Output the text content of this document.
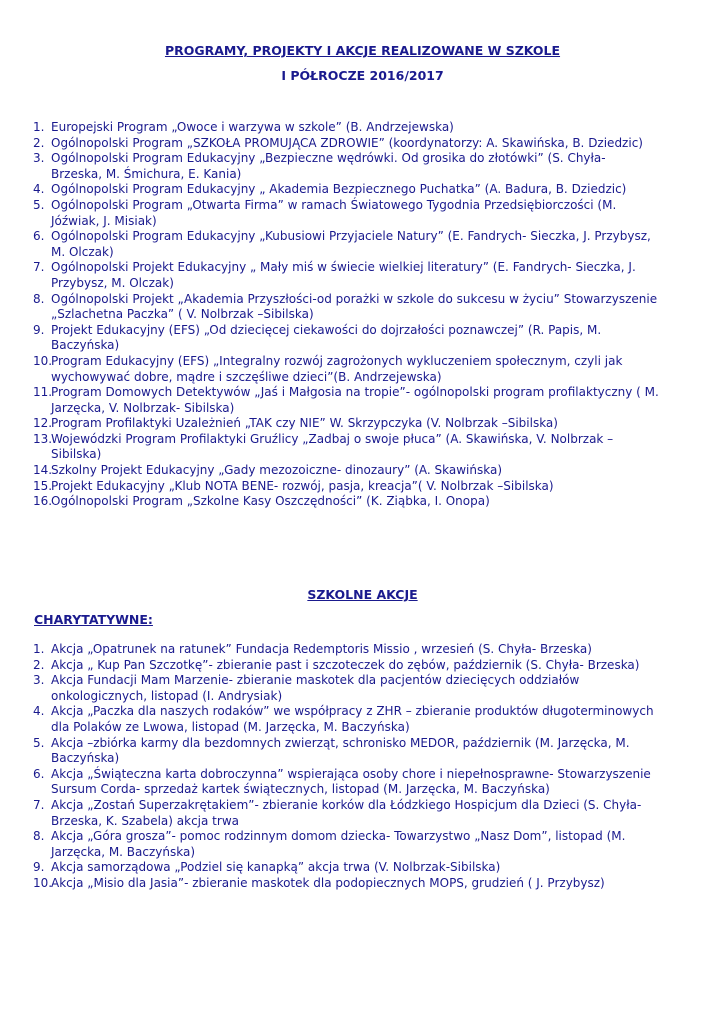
PROGRAMY, PROJEKTY I AKCJE REALIZOWANE W SZKOLE
I PÓŁROCZE 2016/2017
1. Europejski Program „Owoce i warzywa w szkole” (B. Andrzejewska)
2. Ogólnopolski Program „SZKOŁA PROMUJĄCA ZDROWIE” (koordynatorzy: A. Skawińska, B. Dziedzic)
3. Ogólnopolski Program Edukacyjny „Bezpieczne wędrówki. Od grosika do złotówki” (S. Chyła- Brzeska, M. Śmichura, E. Kania)
4. Ogólnopolski Program Edukacyjny „ Akademia Bezpiecznego Puchatka” (A. Badura, B. Dziedzic)
5. Ogólnopolski Program „Otwarta Firma” w ramach Światowego Tygodnia Przedsiębiorczości (M. Jóźwiak, J. Misiak)
6. Ogólnopolski Program Edukacyjny „Kubusiowi Przyjaciele Natury” (E. Fandrych- Sieczka, J. Przybysz, M. Olczak)
7. Ogólnopolski Projekt Edukacyjny „ Mały miś w świecie wielkiej literatury” (E. Fandrych- Sieczka, J. Przybysz, M. Olczak)
8. Ogólnopolski Projekt „Akademia Przyszłości-od porażki w szkole do sukcesu w życiu” Stowarzyszenie „Szlachetna Paczka” ( V. Nolbrzak –Sibilska)
9. Projekt Edukacyjny (EFS) „Od dziecięcej ciekawości do dojrzałości poznawczej” (R. Papis, M. Baczyńska)
10.
Program Edukacyjny (EFS) „Integralny rozwój zagrożonych wykluczeniem społecznym, czyli jak wychowywać dobre, mądre i szczęśliwe dzieci”(B. Andrzejewska)
11.
Program Domowych Detektywów „Jaś i Małgosia na tropie”- ogólnopolski program profilaktyczny ( M. Jarzęcka, V. Nolbrzak- Sibilska)
12.
Program Profilaktyki Uzależnień „TAK czy NIE” W. Skrzypczyka (V. Nolbrzak –Sibilska)
13.
Wojewódzki Program Profilaktyki Gruźlicy „Zadbaj o swoje płuca” (A. Skawińska, V. Nolbrzak –Sibilska)
14.
Szkolny Projekt Edukacyjny „Gady mezozoiczne- dinozaury” (A. Skawińska)
15.
Projekt Edukacyjny „Klub NOTA BENE- rozwój, pasja, kreacja”( V. Nolbrzak –Sibilska)
16.
Ogólnopolski Program „Szkolne Kasy Oszczędności” (K. Ziąbka, I. Onopa)
SZKOLNE AKCJE
CHARYTATYWNE:
1. Akcja „Opatrunek na ratunek” Fundacja Redemptoris Missio , wrzesień (S. Chyła- Brzeska)
2. Akcja „ Kup Pan Szczotkę”- zbieranie past i szczoteczek do zębów, październik (S. Chyła- Brzeska)
3. Akcja Fundacji Mam Marzenie- zbieranie maskotek dla pacjentów dziecięcych oddziałów onkologicznych, listopad (I. Andrysiak)
4. Akcja „Paczka dla naszych rodaków” we współpracy z ZHR – zbieranie produktów długoterminowych dla Polaków ze Lwowa, listopad (M. Jarzęcka, M. Baczyńska)
5. Akcja –zbiórka karmy dla bezdomnych zwierząt, schronisko MEDOR, październik (M. Jarzęcka, M. Baczyńska)
6. Akcja „Świąteczna karta dobroczynna” wspierająca osoby chore i niepełnosprawne- Stowarzyszenie Sursum Corda- sprzedaż kartek świątecznych, listopad (M. Jarzęcka, M. Baczyńska)
7. Akcja „Zostań Superzakrętakiem”- zbieranie korków dla Łódzkiego Hospicjum dla Dzieci (S. Chyła- Brzeska, K. Szabela) akcja trwa
8. Akcja „Góra grosza”- pomoc rodzinnym domom dziecka- Towarzystwo „Nasz Dom”, listopad (M. Jarzęcka, M. Baczyńska)
9. Akcja samorządowa „Podziel się kanapką” akcja trwa (V. Nolbrzak-Sibilska)
10.
Akcja „Misio dla Jasia”- zbieranie maskotek dla podopiecznych MOPS, grudzień ( J. Przybysz)
